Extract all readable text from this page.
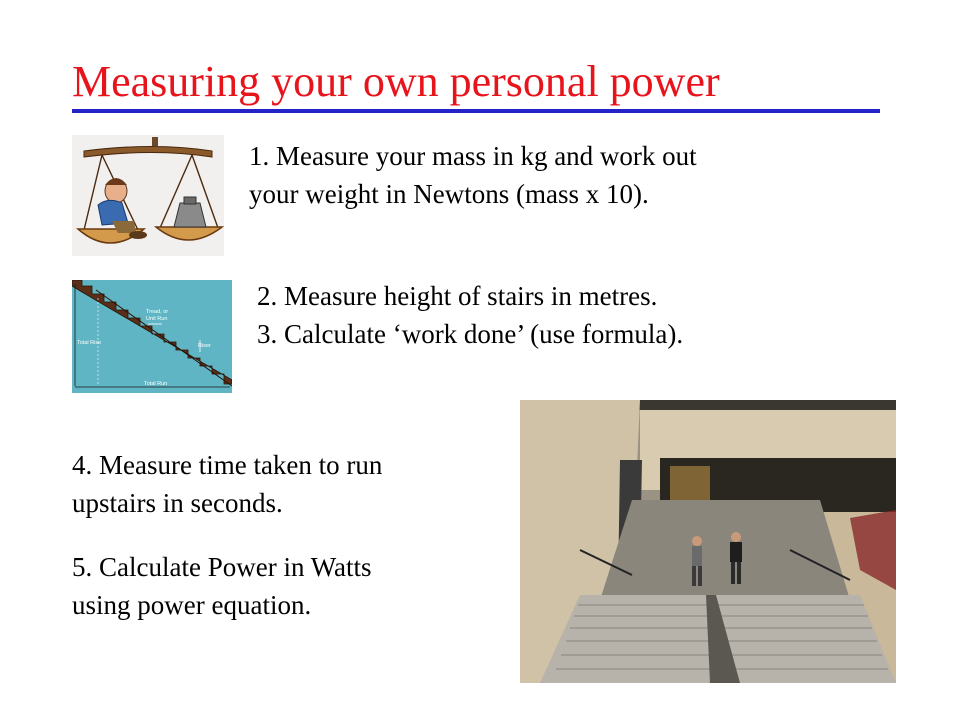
Measuring your own personal power

1. Measure your mass in kg and work out
your weight in Newtons (mass x 10).

Tread, or
Unit Run
Riser
Total Rise
Total Run

2. Measure height of stairs in metres.

3. Calculate ‘work done’ (use formula).

4. Measure time taken to run
upstairs in seconds.

5. Calculate Power in Watts
using power equation.
